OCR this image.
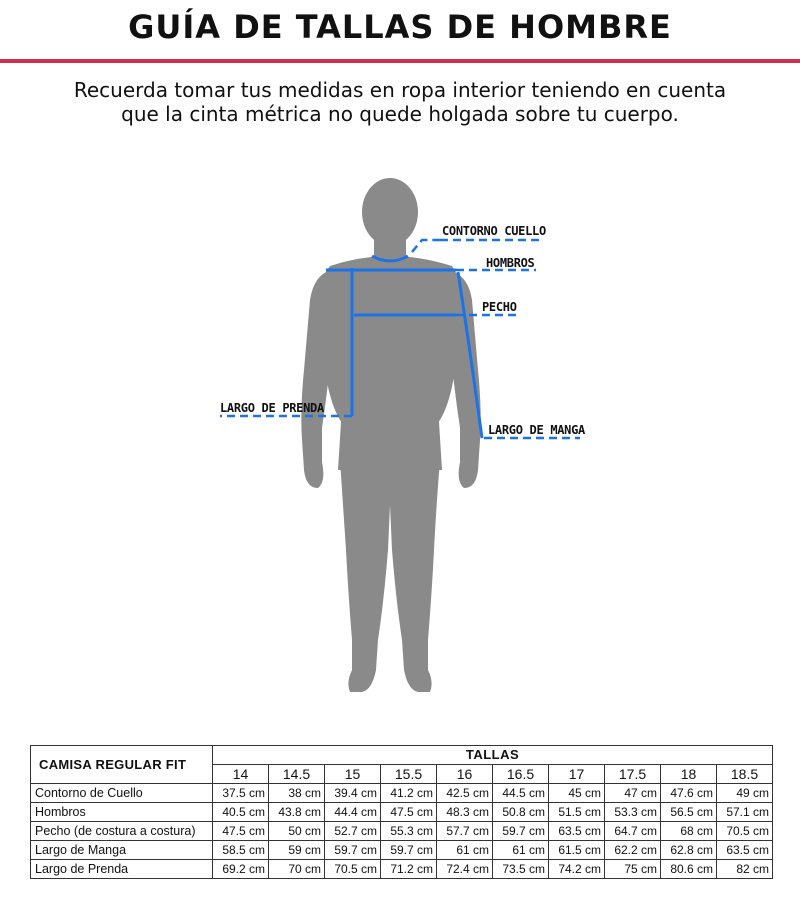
GUÍA DE TALLAS DE HOMBRE
Recuerda tomar tus medidas en ropa interior teniendo en cuenta
que la cinta métrica no quede holgada sobre tu cuerpo.
CONTORNO CUELLO
HOMBROS
PECHO
LARGO DE PRENDA
LARGO DE MANGA
CAMISA REGULAR FIT	TALLAS									
	14	14.5	15	15.5	16	16.5	17	17.5	18	18.5
Contorno de Cuello	37.5 cm	38 cm	39.4 cm	41.2 cm	42.5 cm	44.5 cm	45 cm	47 cm	47.6 cm	49 cm
Hombros	40.5 cm	43.8 cm	44.4 cm	47.5 cm	48.3 cm	50.8 cm	51.5 cm	53.3 cm	56.5 cm	57.1 cm
Pecho (de costura a costura)	47.5 cm	50 cm	52.7 cm	55.3 cm	57.7 cm	59.7 cm	63.5 cm	64.7 cm	68 cm	70.5 cm
Largo de Manga	58.5 cm	59 cm	59.7 cm	59.7 cm	61 cm	61 cm	61.5 cm	62.2 cm	62.8 cm	63.5 cm
Largo de Prenda	69.2 cm	70 cm	70.5 cm	71.2 cm	72.4 cm	73.5 cm	74.2 cm	75 cm	80.6 cm	82 cm
